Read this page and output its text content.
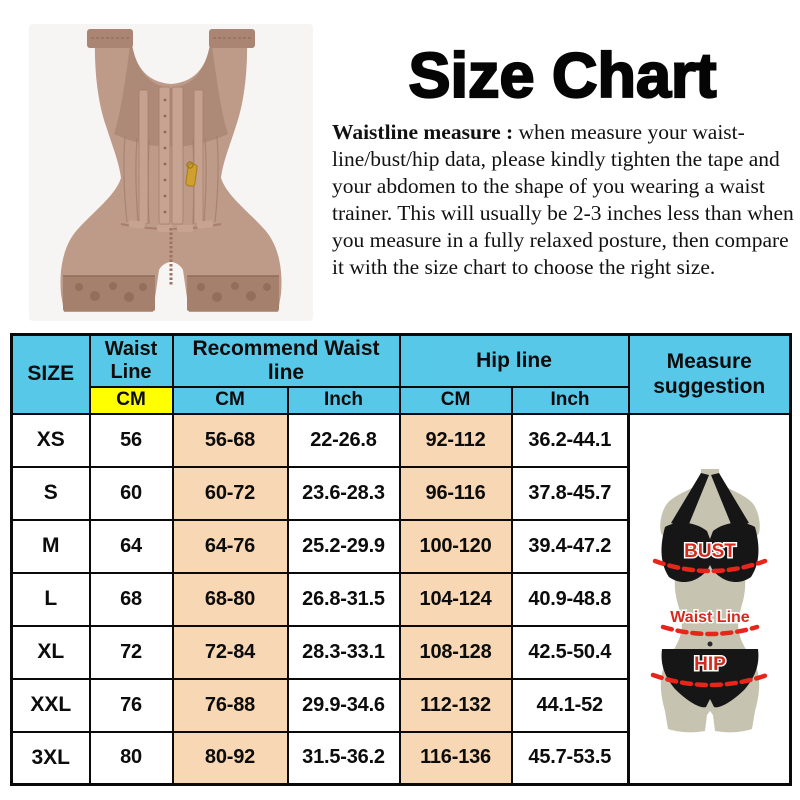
Size Chart

Waistline measure : when measure your waist-line/bust/hip data, please kindly tighten the tape and your abdomen to the shape of you wearing a waist trainer. This will usually be 2-3 inches less than when you measure in a fully relaxed posture, then compare it with the size chart to choose the right size.

SIZE	Waist Line	Recommend Waist line		Hip line		Measure suggestion
	CM	CM	Inch	CM	Inch	
XS	56	56-68	22-26.8	92-112	36.2-44.1	BUST
Waist Line
HIP

S	60	60-72	23.6-28.3	96-116	37.8-45.7	
M	64	64-76	25.2-29.9	100-120	39.4-47.2	
L	68	68-80	26.8-31.5	104-124	40.9-48.8	
XL	72	72-84	28.3-33.1	108-128	42.5-50.4	
XXL	76	76-88	29.9-34.6	112-132	44.1-52	
3XL	80	80-92	31.5-36.2	116-136	45.7-53.5	
